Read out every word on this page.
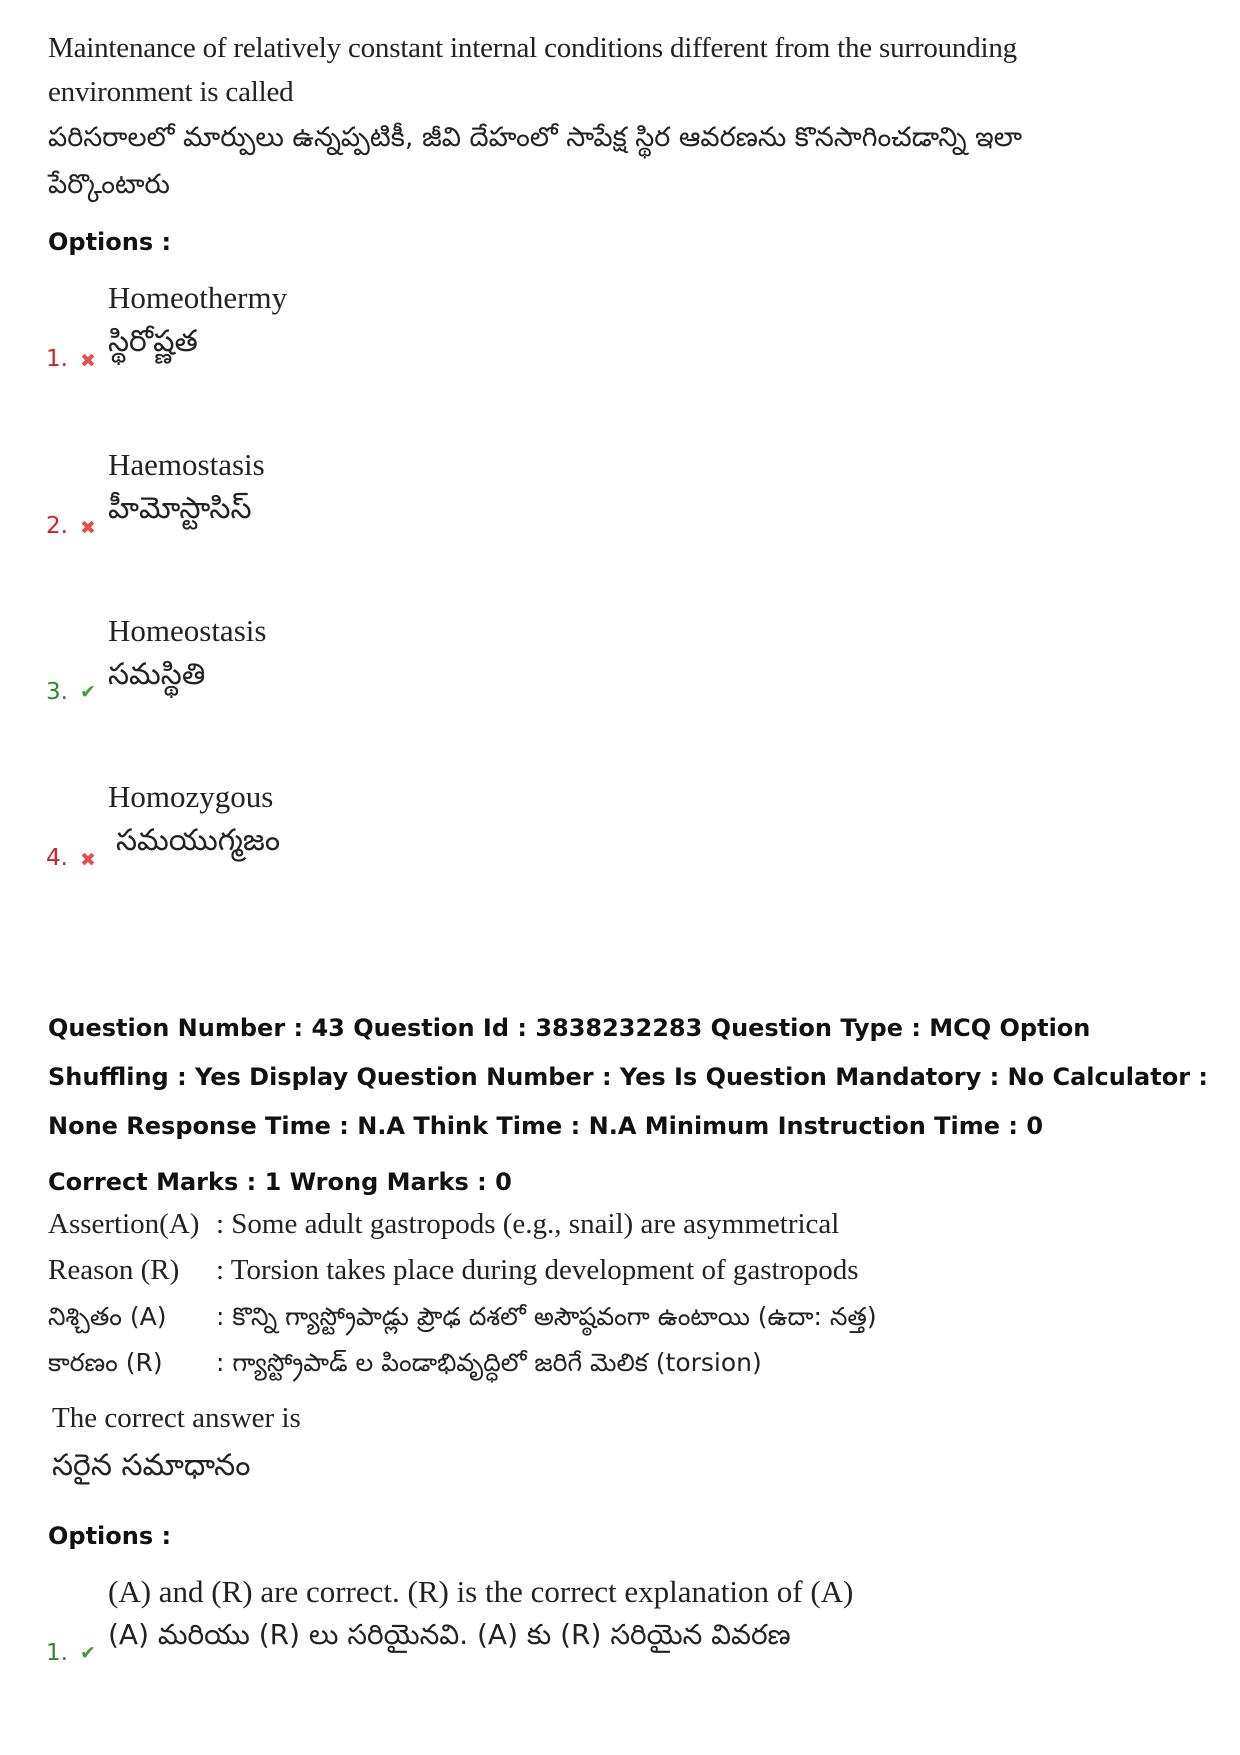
Maintenance of relatively constant internal conditions different from the surrounding environment is called
పరిసరాలలో మార్పులు ఉన్నప్పటికీ, జీవి దేహంలో సాపేక్ష స్థిర ఆవరణను కొనసాగించడాన్ని ఇలా పేర్కొంటారు
Options :
Homeothermy
స్థిరోష్ణత
1. ✖
Haemostasis
హీమోస్టాసిస్
2. ✖
Homeostasis
సమస్థితి
3. ✔
Homozygous
సమయుగ్మజం
4. ✖
Question Number : 43 Question Id : 3838232283 Question Type : MCQ Option Shuffling : Yes Display Question Number : Yes Is Question Mandatory : No Calculator : None Response Time : N.A Think Time : N.A Minimum Instruction Time : 0
Correct Marks : 1 Wrong Marks : 0
Assertion(A) : Some adult gastropods (e.g., snail) are asymmetrical
Reason (R) : Torsion takes place during development of gastropods
నిశ్చితం (A) : కొన్ని గ్యాస్ట్రోపాడ్లు ప్రౌఢ దశలో అసౌష్ఠవంగా ఉంటాయి (ఉదా: నత్త)
కారణం (R) : గ్యాస్ట్రోపాడ్ ల పిండాభివృద్ధిలో జరిగే మెలిక (torsion)
The correct answer is
సరైన సమాధానం
Options :
(A) and (R) are correct. (R) is the correct explanation of (A)
(A) మరియు (R) లు సరియైనవి. (A) కు (R) సరియైన వివరణ
1. ✔
